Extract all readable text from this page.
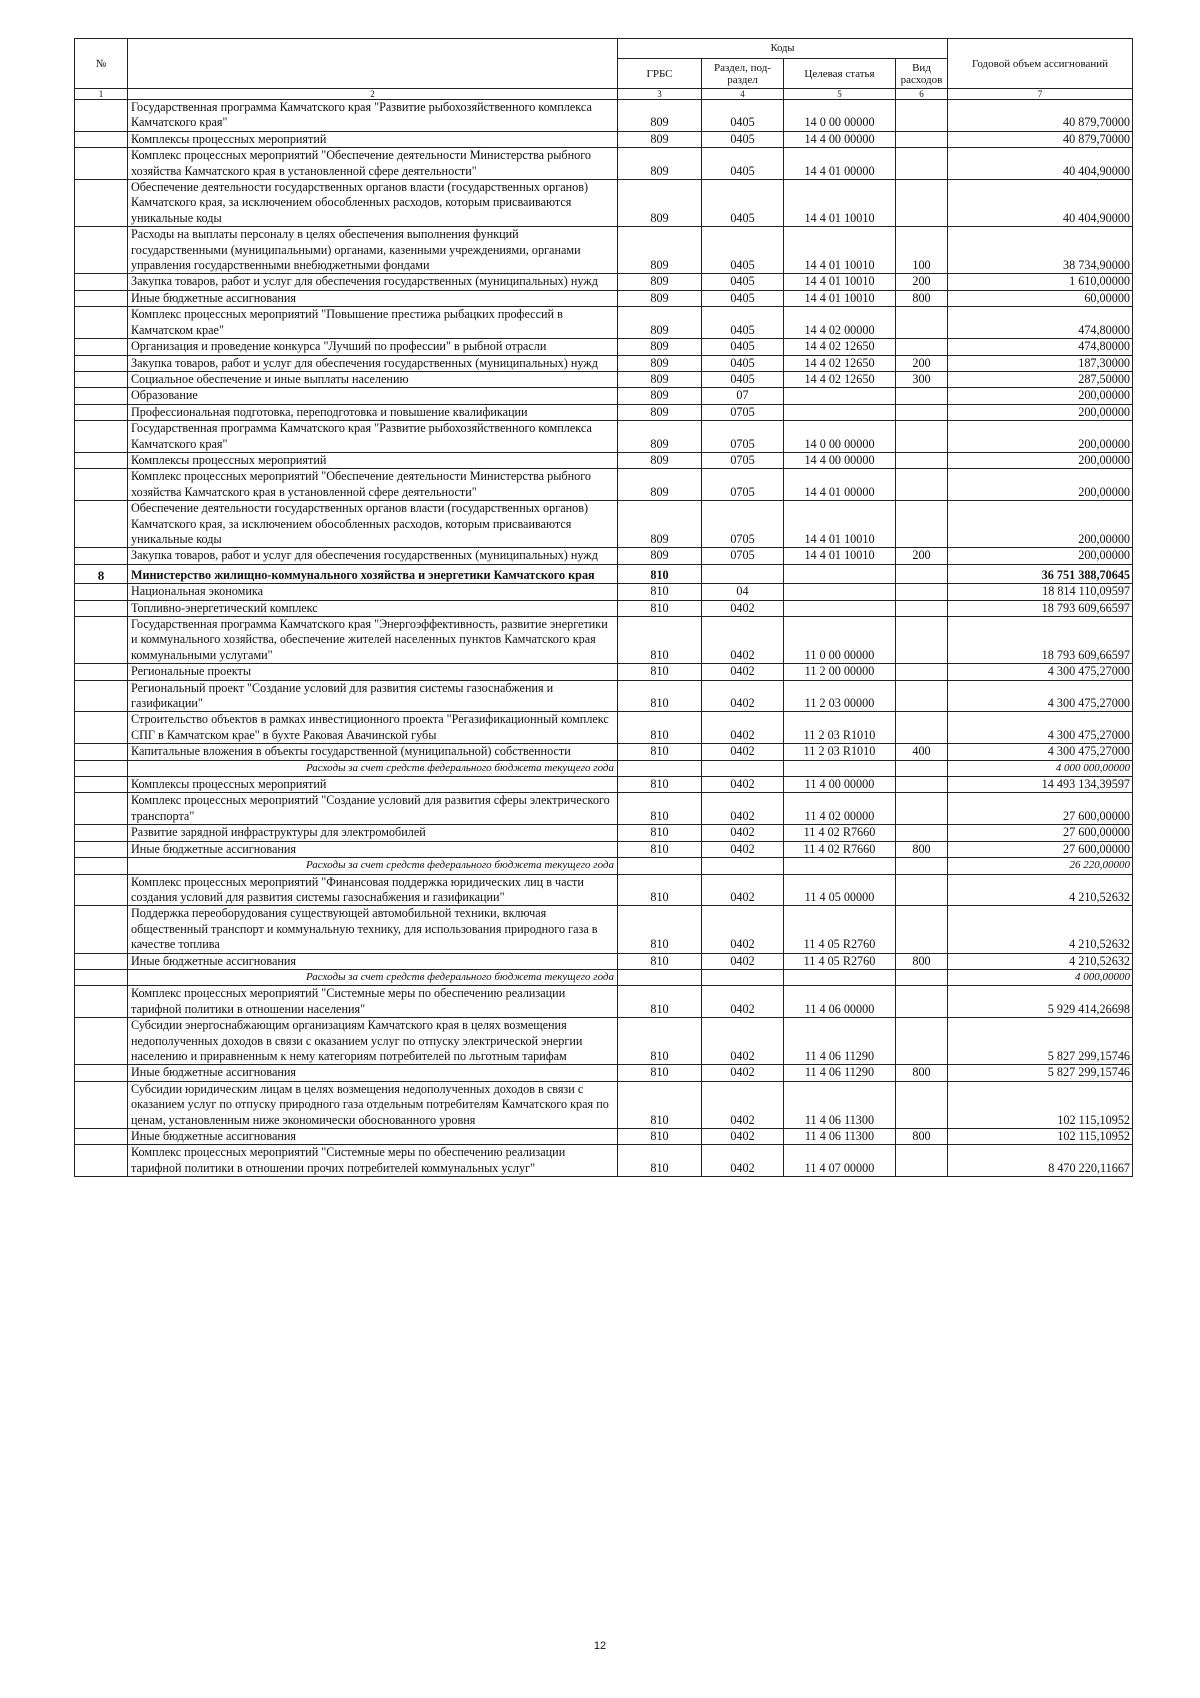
№		Коды				Годовой объем ассигнований
		ГРБС	Раздел, под-раздел	Целевая статья	Вид расходов	
1	2	3	4	5	6	7
	Государственная программа Камчатского края "Развитие рыбохозяйственного комплекса Камчатского края"	809	0405	14 0 00 00000		40 879,70000
	Комплексы процессных мероприятий	809	0405	14 4 00 00000		40 879,70000
	Комплекс процессных мероприятий "Обеспечение деятельности Министерства рыбного хозяйства Камчатского края в установленной сфере деятельности"	809	0405	14 4 01 00000		40 404,90000
	Обеспечение деятельности государственных органов власти (государственных органов) Камчатского края, за исключением обособленных расходов, которым присваиваются уникальные коды	809	0405	14 4 01 10010		40 404,90000
	Расходы на выплаты персоналу в целях обеспечения выполнения функций государственными (муниципальными) органами, казенными учреждениями, органами управления государственными внебюджетными фондами	809	0405	14 4 01 10010	100	38 734,90000
	Закупка товаров, работ и услуг для обеспечения государственных (муниципальных) нужд	809	0405	14 4 01 10010	200	1 610,00000
	Иные бюджетные ассигнования	809	0405	14 4 01 10010	800	60,00000
	Комплекс процессных мероприятий "Повышение престижа рыбацких профессий в Камчатском крае"	809	0405	14 4 02 00000		474,80000
	Организация и проведение конкурса "Лучший по профессии" в рыбной отрасли	809	0405	14 4 02 12650		474,80000
	Закупка товаров, работ и услуг для обеспечения государственных (муниципальных) нужд	809	0405	14 4 02 12650	200	187,30000
	Социальное обеспечение и иные выплаты населению	809	0405	14 4 02 12650	300	287,50000
	Образование	809	07			200,00000
	Профессиональная подготовка, переподготовка и повышение квалификации	809	0705			200,00000
	Государственная программа Камчатского края "Развитие рыбохозяйственного комплекса Камчатского края"	809	0705	14 0 00 00000		200,00000
	Комплексы процессных мероприятий	809	0705	14 4 00 00000		200,00000
	Комплекс процессных мероприятий "Обеспечение деятельности Министерства рыбного хозяйства Камчатского края в установленной сфере деятельности"	809	0705	14 4 01 00000		200,00000
	Обеспечение деятельности государственных органов власти (государственных органов) Камчатского края, за исключением обособленных расходов, которым присваиваются уникальные коды	809	0705	14 4 01 10010		200,00000
	Закупка товаров, работ и услуг для обеспечения государственных (муниципальных) нужд	809	0705	14 4 01 10010	200	200,00000
8	Министерство жилищно-коммунального хозяйства и энергетики Камчатского края	810				36 751 388,70645
	Национальная экономика	810	04			18 814 110,09597
	Топливно-энергетический комплекс	810	0402			18 793 609,66597
	Государственная программа Камчатского края "Энергоэффективность, развитие энергетики и коммунального хозяйства, обеспечение жителей населенных пунктов Камчатского края коммунальными услугами"	810	0402	11 0 00 00000		18 793 609,66597
	Региональные проекты	810	0402	11 2 00 00000		4 300 475,27000
	Региональный проект "Создание условий для развития системы газоснабжения и газификации"	810	0402	11 2 03 00000		4 300 475,27000
	Строительство объектов в рамках инвестиционного проекта "Регазификационный комплекс СПГ в Камчатском крае" в бухте Раковая Авачинской губы	810	0402	11 2 03 R1010		4 300 475,27000
	Капитальные вложения в объекты государственной (муниципальной) собственности	810	0402	11 2 03 R1010	400	4 300 475,27000
	Расходы за счет средств федерального бюджета текущего года					4 000 000,00000
	Комплексы процессных мероприятий	810	0402	11 4 00 00000		14 493 134,39597
	Комплекс процессных мероприятий "Создание условий для развития сферы электрического транспорта"	810	0402	11 4 02 00000		27 600,00000
	Развитие зарядной инфраструктуры для электромобилей	810	0402	11 4 02 R7660		27 600,00000
	Иные бюджетные ассигнования	810	0402	11 4 02 R7660	800	27 600,00000
	Расходы за счет средств федерального бюджета текущего года					26 220,00000
	Комплекс процессных мероприятий "Финансовая поддержка юридических лиц в части создания условий для развития системы газоснабжения и газификации"	810	0402	11 4 05 00000		4 210,52632
	Поддержка переоборудования существующей автомобильной техники, включая общественный транспорт и коммунальную технику, для использования природного газа в качестве топлива	810	0402	11 4 05 R2760		4 210,52632
	Иные бюджетные ассигнования	810	0402	11 4 05 R2760	800	4 210,52632
	Расходы за счет средств федерального бюджета текущего года					4 000,00000
	Комплекс процессных мероприятий "Системные меры по обеспечению реализации тарифной политики в отношении населения"	810	0402	11 4 06 00000		5 929 414,26698
	Субсидии энергоснабжающим организациям Камчатского края в целях возмещения недополученных доходов в связи с оказанием услуг по отпуску электрической энергии населению и приравненным к нему категориям потребителей по льготным тарифам	810	0402	11 4 06 11290		5 827 299,15746
	Иные бюджетные ассигнования	810	0402	11 4 06 11290	800	5 827 299,15746
	Субсидии юридическим лицам в целях возмещения недополученных доходов в связи с оказанием услуг по отпуску природного газа отдельным потребителям Камчатского края по ценам, установленным ниже экономически обоснованного уровня	810	0402	11 4 06 11300		102 115,10952
	Иные бюджетные ассигнования	810	0402	11 4 06 11300	800	102 115,10952
	Комплекс процессных мероприятий "Системные меры по обеспечению реализации тарифной политики в отношении прочих потребителей коммунальных услуг"	810	0402	11 4 07 00000		8 470 220,11667
12
